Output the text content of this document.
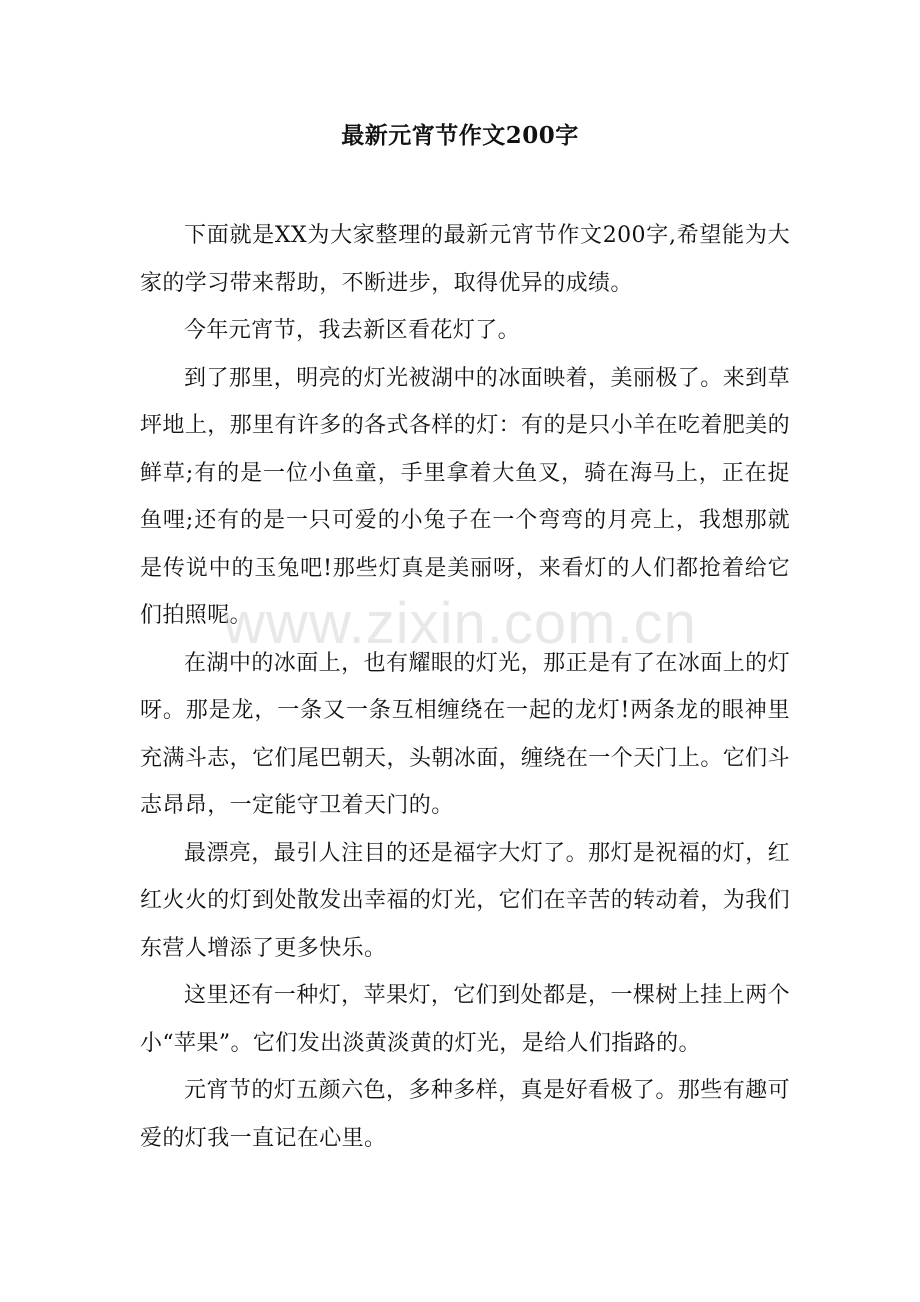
最新元宵节作文200字

下面就是XX为大家整理的最新元宵节作文200字,希望能为大家的学习带来帮助，不断进步，取得优异的成绩。

今年元宵节，我去新区看花灯了。

到了那里，明亮的灯光被湖中的冰面映着，美丽极了。来到草坪地上，那里有许多的各式各样的灯：有的是只小羊在吃着肥美的鲜草;有的是一位小鱼童，手里拿着大鱼叉，骑在海马上，正在捉鱼哩;还有的是一只可爱的小兔子在一个弯弯的月亮上，我想那就是传说中的玉兔吧!那些灯真是美丽呀，来看灯的人们都抢着给它们拍照呢。

在湖中的冰面上，也有耀眼的灯光，那正是有了在冰面上的灯呀。那是龙，一条又一条互相缠绕在一起的龙灯!两条龙的眼神里充满斗志，它们尾巴朝天，头朝冰面，缠绕在一个天门上。它们斗志昂昂，一定能守卫着天门的。

最漂亮，最引人注目的还是福字大灯了。那灯是祝福的灯，红红火火的灯到处散发出幸福的灯光，它们在辛苦的转动着，为我们东营人增添了更多快乐。

这里还有一种灯，苹果灯，它们到处都是，一棵树上挂上两个小“苹果”。它们发出淡黄淡黄的灯光，是给人们指路的。

元宵节的灯五颜六色，多种多样，真是好看极了。那些有趣可爱的灯我一直记在心里。

www.zixin.com.cn
